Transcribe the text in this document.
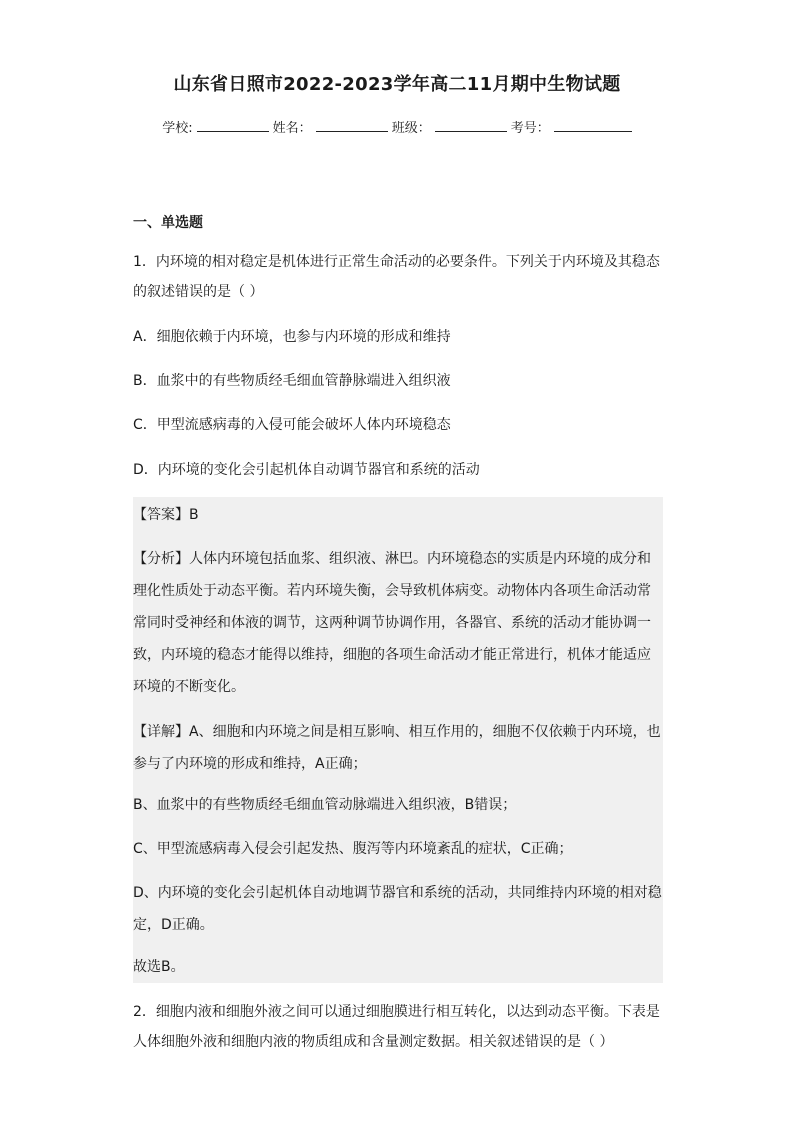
山东省日照市2022-2023学年高二11月期中生物试题
学校:	姓名：	班级：	考号：
一、单选题
1．内环境的相对稳定是机体进行正常生命活动的必要条件。下列关于内环境及其稳态的叙述错误的是（ ）
A．细胞依赖于内环境，也参与内环境的形成和维持
B．血浆中的有些物质经毛细血管静脉端进入组织液
C．甲型流感病毒的入侵可能会破坏人体内环境稳态
D．内环境的变化会引起机体自动调节器官和系统的活动
【答案】B
【分析】人体内环境包括血浆、组织液、淋巴。内环境稳态的实质是内环境的成分和理化性质处于动态平衡。若内环境失衡，会导致机体病变。动物体内各项生命活动常常同时受神经和体液的调节，这两种调节协调作用，各器官、系统的活动才能协调一致，内环境的稳态才能得以维持，细胞的各项生命活动才能正常进行，机体才能适应环境的不断变化。
【详解】A、细胞和内环境之间是相互影响、相互作用的，细胞不仅依赖于内环境，也参与了内环境的形成和维持，A正确；
B、血浆中的有些物质经毛细血管动脉端进入组织液，B错误；
C、甲型流感病毒入侵会引起发热、腹泻等内环境紊乱的症状，C正确；
D、内环境的变化会引起机体自动地调节器官和系统的活动，共同维持内环境的相对稳定，D正确。
故选B。
2．细胞内液和细胞外液之间可以通过细胞膜进行相互转化，以达到动态平衡。下表是人体细胞外液和细胞内液的物质组成和含量测定数据。相关叙述错误的是（ ）
